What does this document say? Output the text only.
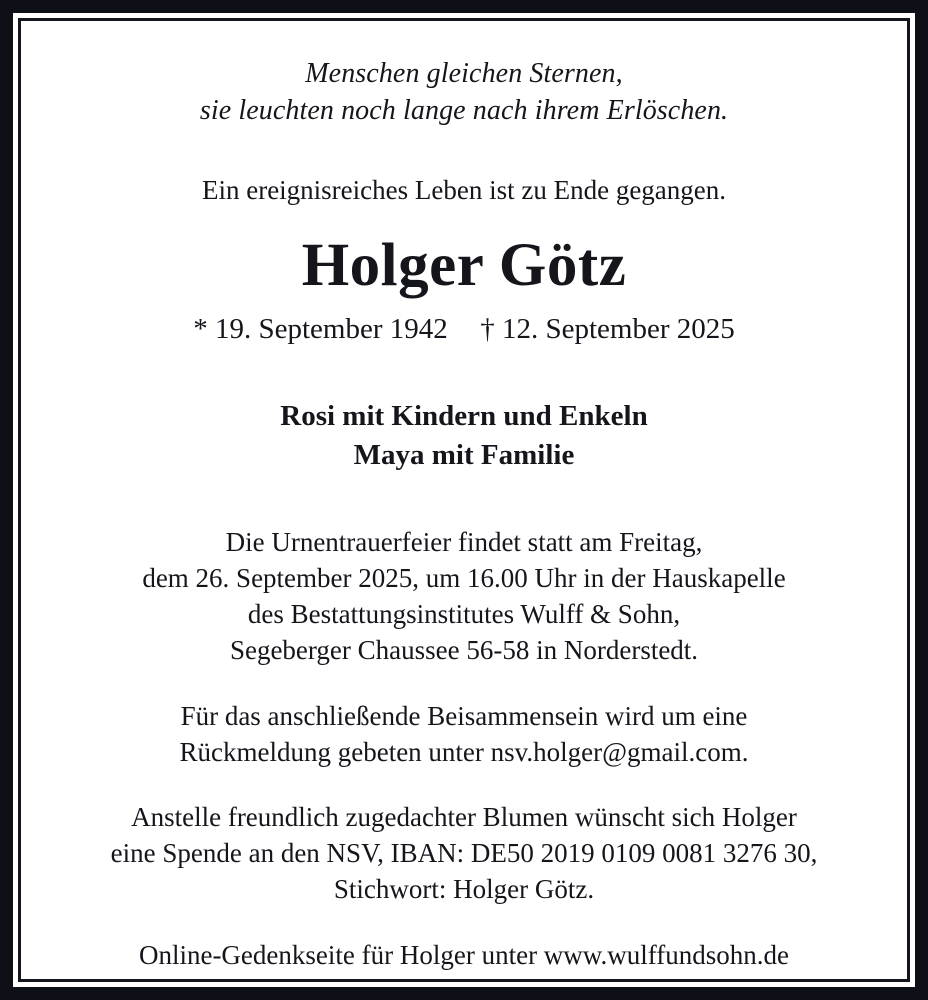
Menschen gleichen Sternen,
sie leuchten noch lange nach ihrem Erlöschen.
Ein ereignisreiches Leben ist zu Ende gegangen.
Holger Götz
* 19. September 1942 † 12. September 2025
Rosi mit Kindern und Enkeln
Maya mit Familie
Die Urnentrauerfeier findet statt am Freitag,
dem 26. September 2025, um 16.00 Uhr in der Hauskapelle
des Bestattungsinstitutes Wulff & Sohn,
Segeberger Chaussee 56-58 in Norderstedt.
Für das anschließende Beisammensein wird um eine
Rückmeldung gebeten unter nsv.holger@gmail.com.
Anstelle freundlich zugedachter Blumen wünscht sich Holger
eine Spende an den NSV, IBAN: DE50 2019 0109 0081 3276 30,
Stichwort: Holger Götz.
Online-Gedenkseite für Holger unter www.wulffundsohn.de
